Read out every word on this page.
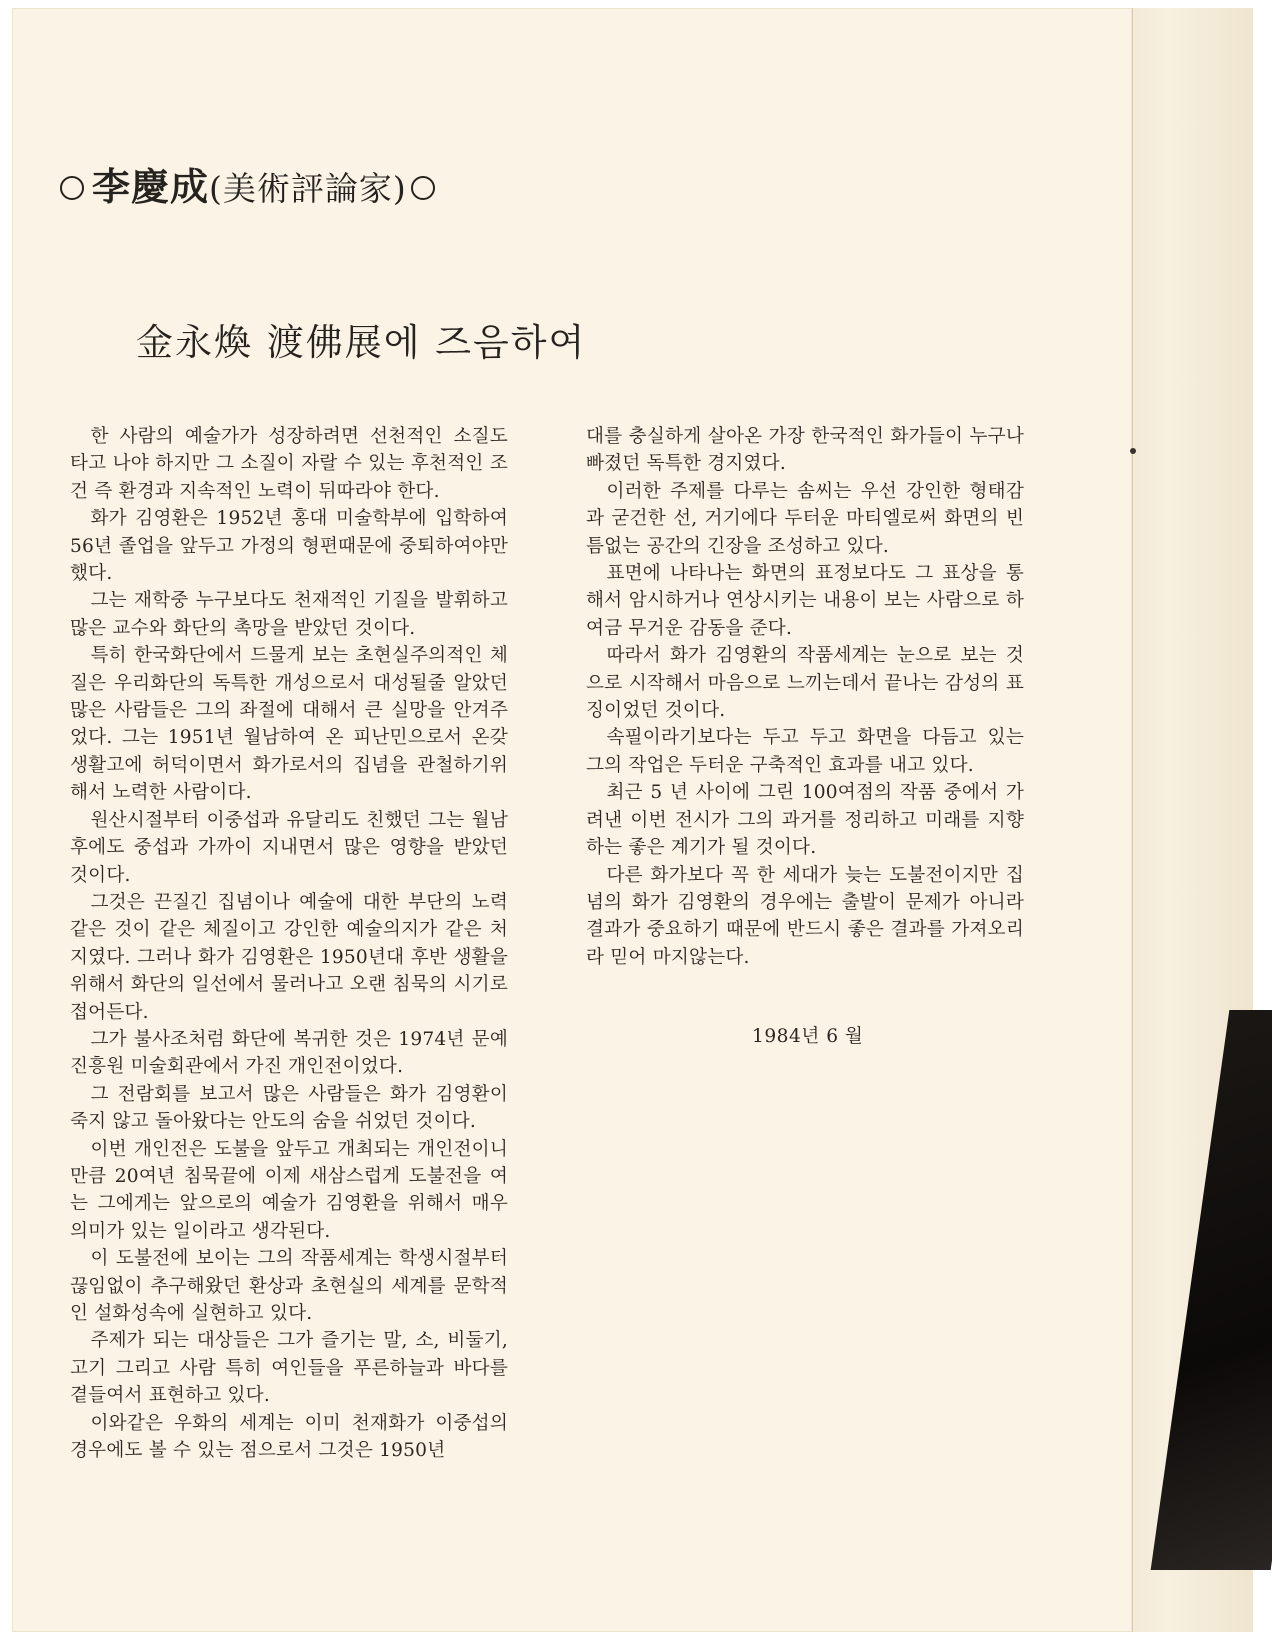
李慶成(美術評論家)
金永煥 渡佛展에 즈음하여

한 사람의 예술가가 성장하려면 선천적인 소질도 타고 나야 하지만 그 소질이 자랄 수 있는 후천적인 조건 즉 환경과 지속적인 노력이 뒤따라야 한다.

화가 김영환은 1952년 홍대 미술학부에 입학하여 56년 졸업을 앞두고 가정의 형편때문에 중퇴하여야만 했다.

그는 재학중 누구보다도 천재적인 기질을 발휘하고 많은 교수와 화단의 촉망을 받았던 것이다.

특히 한국화단에서 드물게 보는 초현실주의적인 체질은 우리화단의 독특한 개성으로서 대성될줄 알았던 많은 사람들은 그의 좌절에 대해서 큰 실망을 안겨주었다. 그는 1951년 월남하여 온 피난민으로서 온갖 생활고에 허덕이면서 화가로서의 집념을 관철하기위해서 노력한 사람이다.

원산시절부터 이중섭과 유달리도 친했던 그는 월남후에도 중섭과 가까이 지내면서 많은 영향을 받았던 것이다.

그것은 끈질긴 집념이나 예술에 대한 부단의 노력같은 것이 같은 체질이고 강인한 예술의지가 같은 처지였다. 그러나 화가 김영환은 1950년대 후반 생활을 위해서 화단의 일선에서 물러나고 오랜 침묵의 시기로 접어든다.

그가 불사조처럼 화단에 복귀한 것은 1974년 문예진흥원 미술회관에서 가진 개인전이었다.

그 전람회를 보고서 많은 사람들은 화가 김영환이 죽지 않고 돌아왔다는 안도의 숨을 쉬었던 것이다.

이번 개인전은 도불을 앞두고 개최되는 개인전이니만큼 20여년 침묵끝에 이제 새삼스럽게 도불전을 여는 그에게는 앞으로의 예술가 김영환을 위해서 매우 의미가 있는 일이라고 생각된다.

이 도불전에 보이는 그의 작품세계는 학생시절부터 끊임없이 추구해왔던 환상과 초현실의 세계를 문학적인 설화성속에 실현하고 있다.

주제가 되는 대상들은 그가 즐기는 말, 소, 비둘기, 고기 그리고 사람 특히 여인들을 푸른하늘과 바다를 곁들여서 표현하고 있다.

이와같은 우화의 세계는 이미 천재화가 이중섭의 경우에도 볼 수 있는 점으로서 그것은 1950년

대를 충실하게 살아온 가장 한국적인 화가들이 누구나 빠졌던 독특한 경지였다.

이러한 주제를 다루는 솜씨는 우선 강인한 형태감과 굳건한 선, 거기에다 두터운 마티엘로써 화면의 빈틈없는 공간의 긴장을 조성하고 있다.

표면에 나타나는 화면의 표정보다도 그 표상을 통해서 암시하거나 연상시키는 내용이 보는 사람으로 하여금 무거운 감동을 준다.

따라서 화가 김영환의 작품세계는 눈으로 보는 것으로 시작해서 마음으로 느끼는데서 끝나는 감성의 표징이었던 것이다.

속필이라기보다는 두고 두고 화면을 다듬고 있는 그의 작업은 두터운 구축적인 효과를 내고 있다.

최근 5 년 사이에 그린 100여점의 작품 중에서 가려낸 이번 전시가 그의 과거를 정리하고 미래를 지향하는 좋은 계기가 될 것이다.

다른 화가보다 꼭 한 세대가 늦는 도불전이지만 집념의 화가 김영환의 경우에는 출발이 문제가 아니라 결과가 중요하기 때문에 반드시 좋은 결과를 가져오리라 믿어 마지않는다.

1984년 6 월
